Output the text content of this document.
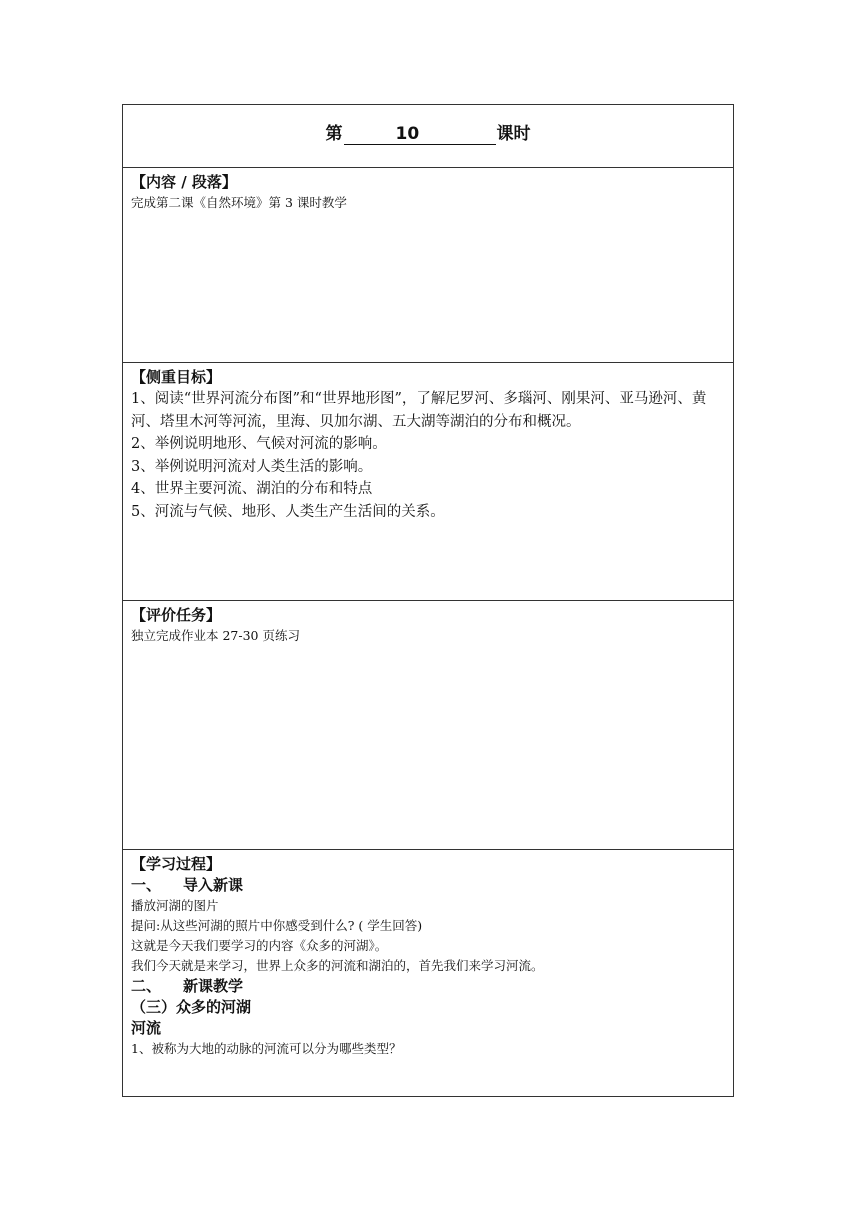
第	10	课时
【内容 / 段落】

完成第二课《自然环境》第 3 课时教学

【侧重目标】

1、阅读“世界河流分布图”和“世界地形图”，了解尼罗河、多瑙河、刚果河、亚马逊河、黄河、塔里木河等河流，里海、贝加尔湖、五大湖等湖泊的分布和概况。

2、举例说明地形、气候对河流的影响。

3、举例说明河流对人类生活的影响。

4、世界主要河流、湖泊的分布和特点

5、河流与气候、地形、人类生产生活间的关系。

【评价任务】

独立完成作业本 27-30 页练习

【学习过程】
一、 导入新课

播放河湖的图片

提问:从这些河湖的照片中你感受到什么? ( 学生回答)

这就是今天我们要学习的内容《众多的河湖》。

我们今天就是来学习，世界上众多的河流和湖泊的，首先我们来学习河流。

二、 新课教学
（三）众多的河湖
河流

1、被称为大地的动脉的河流可以分为哪些类型？
